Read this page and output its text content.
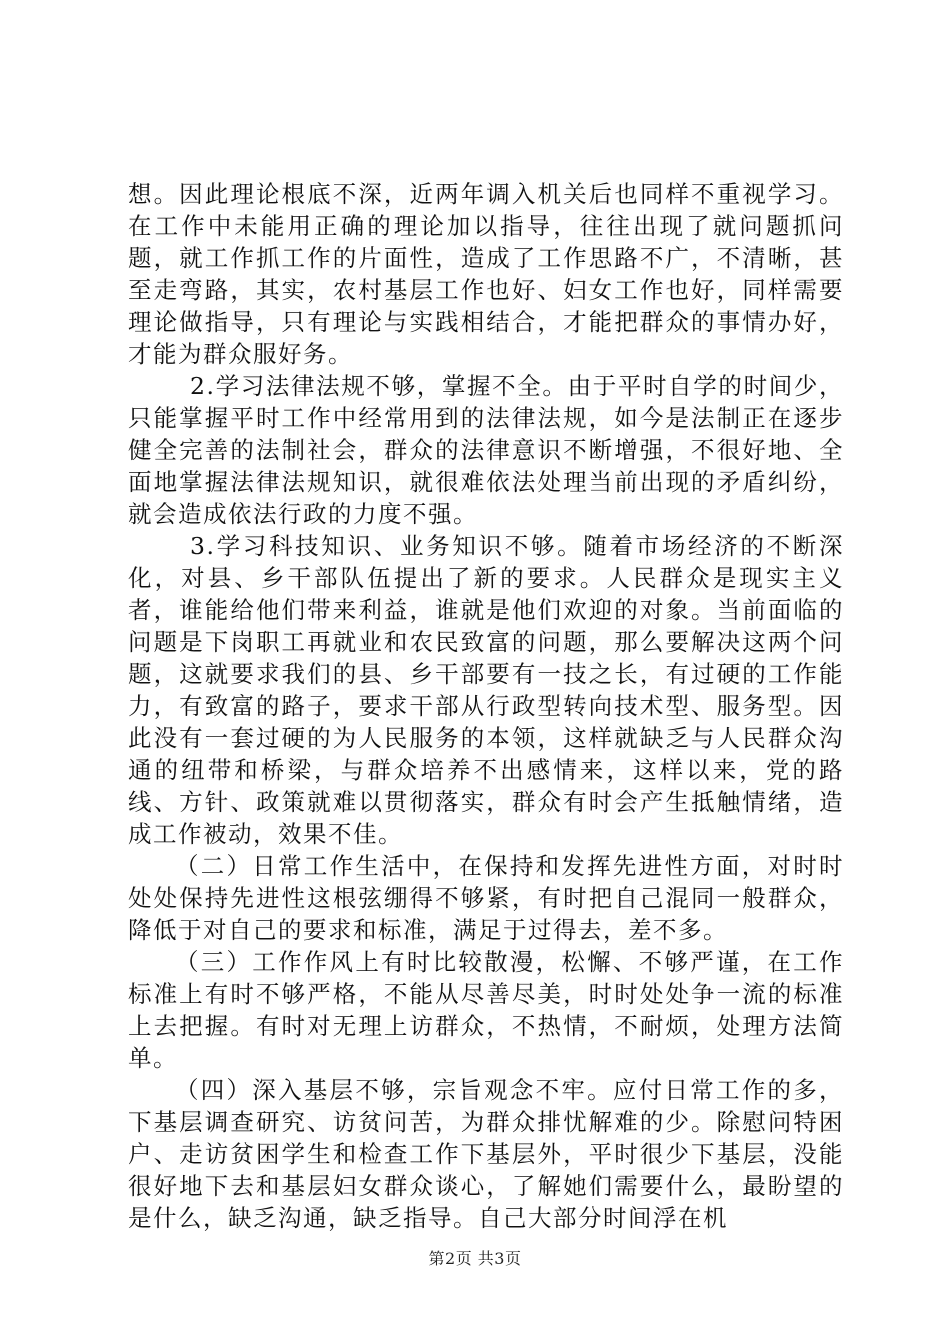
想。因此理论根底不深，近两年调入机关后也同样不重视学习。在工作中未能用正确的理论加以指导，往往出现了就问题抓问题，就工作抓工作的片面性，造成了工作思路不广，不清晰，甚至走弯路，其实，农村基层工作也好、妇女工作也好，同样需要理论做指导，只有理论与实践相结合，才能把群众的事情办好，才能为群众服好务。

2.学习法律法规不够，掌握不全。由于平时自学的时间少，只能掌握平时工作中经常用到的法律法规，如今是法制正在逐步健全完善的法制社会，群众的法律意识不断增强，不很好地、全面地掌握法律法规知识，就很难依法处理当前出现的矛盾纠纷，就会造成依法行政的力度不强。

3.学习科技知识、业务知识不够。随着市场经济的不断深化，对县、乡干部队伍提出了新的要求。人民群众是现实主义者，谁能给他们带来利益，谁就是他们欢迎的对象。当前面临的问题是下岗职工再就业和农民致富的问题，那么要解决这两个问题，这就要求我们的县、乡干部要有一技之长，有过硬的工作能力，有致富的路子，要求干部从行政型转向技术型、服务型。因此没有一套过硬的为人民服务的本领，这样就缺乏与人民群众沟通的纽带和桥梁，与群众培养不出感情来，这样以来，党的路线、方针、政策就难以贯彻落实，群众有时会产生抵触情绪，造成工作被动，效果不佳。

（二）日常工作生活中，在保持和发挥先进性方面，对时时处处保持先进性这根弦绷得不够紧，有时把自己混同一般群众，降低于对自己的要求和标准，满足于过得去，差不多。

（三）工作作风上有时比较散漫，松懈、不够严谨，在工作标准上有时不够严格，不能从尽善尽美，时时处处争一流的标准上去把握。有时对无理上访群众，不热情，不耐烦，处理方法简单。

（四）深入基层不够，宗旨观念不牢。应付日常工作的多，下基层调查研究、访贫问苦，为群众排忧解难的少。除慰问特困户、走访贫困学生和检查工作下基层外，平时很少下基层，没能很好地下去和基层妇女群众谈心，了解她们需要什么，最盼望的是什么，缺乏沟通，缺乏指导。自己大部分时间浮在机

第2页 共3页
